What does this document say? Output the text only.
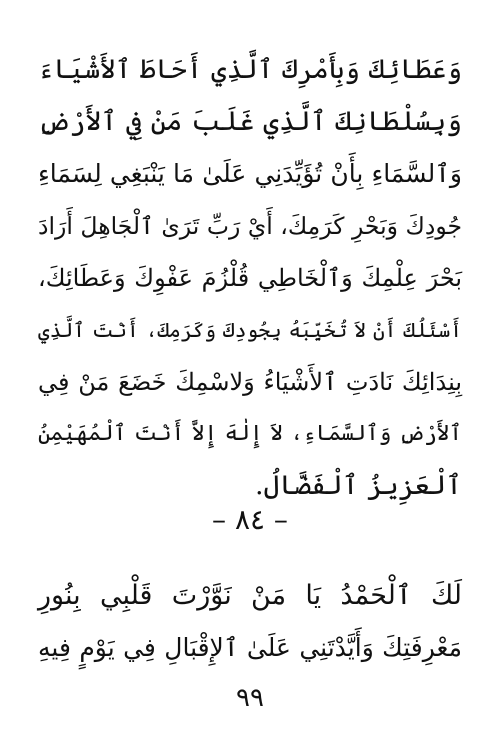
وَعَطَائِكَ وَبِأَمْرِكَ ٱلَّذِي أَحَاطَ ٱلأَشْيَاءَ
وَبِسُلْطَانِكَ ٱلَّذِي غَلَبَ مَنْ فِي ٱلأَرْضِ
وَٱلسَّمَاءِ بِأَنْ تُؤَيِّدَنِي عَلَىٰ مَا يَنْبَغِي لِسَمَاءِ
جُودِكَ وَبَحْرِ كَرَمِكَ، أَيْ رَبِّ تَرَىٰ ٱلْجَاهِلَ أَرَادَ
بَحْرَ عِلْمِكَ وَٱلْخَاطِي قُلْزُمَ عَفْوِكَ وَعَطَائِكَ،
أَسْئَلُكَ أَنْ لاَ تُخَيِّبَهُ بِجُودِكَ وَكَرَمِكَ، أَنْتَ ٱلَّذِي
بِنِدَائِكَ نَادَتِ ٱلأَشْيَاءُ وَلاسْمِكَ خَضَعَ مَنْ فِي
ٱلأَرْضِ وَٱلسَّمَاءِ، لاَ إِلٰهَ إِلاَّ أَنْتَ ٱلْمُهَيْمِنُ
ٱلْعَزِيزُ ٱلْفَضَّالُ.
– ٨٤ –
لَكَ ٱلْحَمْدُ يَا مَنْ نَوَّرْتَ قَلْبِي بِنُورِ
مَعْرِفَتِكَ وَأَيَّدْتَنِي عَلَىٰ ٱلإِقْبَالِ فِي يَوْمٍ فِيهِ
٩٩
